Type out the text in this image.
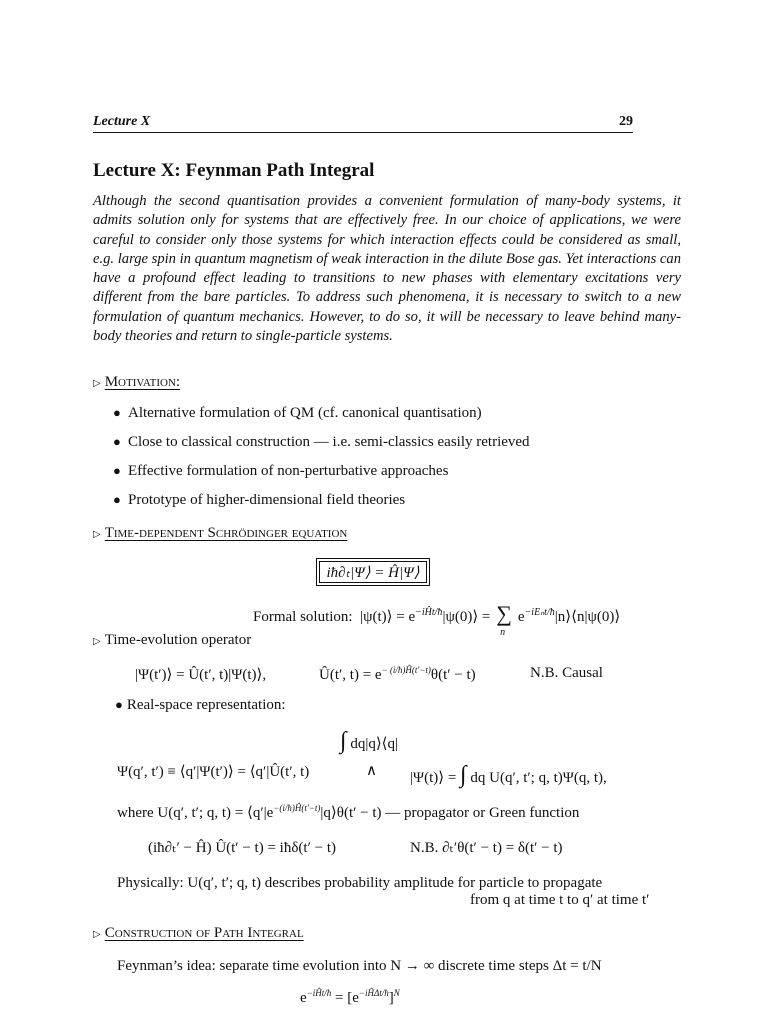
Lecture X	29
Lecture X: Feynman Path Integral
Although the second quantisation provides a convenient formulation of many-body systems, it admits solution only for systems that are effectively free. In our choice of applications, we were careful to consider only those systems for which interaction effects could be considered as small, e.g. large spin in quantum magnetism of weak interaction in the dilute Bose gas. Yet interactions can have a profound effect leading to transitions to new phases with elementary excitations very different from the bare particles. To address such phenomena, it is necessary to switch to a new formulation of quantum mechanics. However, to do so, it will be necessary to leave behind many-body theories and return to single-particle systems.
▷ Motivation:
● Alternative formulation of QM (cf. canonical quantisation)
● Close to classical construction — i.e. semi-classics easily retrieved
● Effective formulation of non-perturbative approaches
● Prototype of higher-dimensional field theories
▷ Time-dependent Schrödinger equation
iħ∂ₜ|Ψ⟩ = Ĥ|Ψ⟩
Formal solution: |ψ(t)⟩ = $e^{-iĤt/ħ}|\psi(0)⟩$ = ∑
n
$e^{-iE_nt/ħ}|n⟩⟨n|\psi(0)⟩$
▷ Time-evolution operator
|Ψ(t′)⟩ = Û(t′, t)|Ψ(t)⟩,	Û(t′, $t) = e^{- (i/ħ)Ĥ(t'-t)}\theta(t' - t)$	N.B. Causal
● Real-space representation:
∫ dq|q⟩⟨q|
∧
Ψ(q′, t′) ≡ ⟨q′|Ψ(t′)⟩ = ⟨q′|Û(t′, t)	|Ψ(t)⟩ = ∫ dq U(q′, t′; q, t)Ψ(q, t),
where U(q′, t′; q, $t) = ⟨q'|e^{-(i/ħ)Ĥ(t'-t)}|q⟩\theta(t' - t)$ — propagator or Green function
(iħ∂ₜ′ − Ĥ) Û(t′ − t) = iħδ(t′ − t)	N.B. ∂ₜ′θ(t′ − t) = δ(t′ − t)
Physically: U(q′, t′; q, t) describes probability amplitude for particle to propagate
from q at time t to q′ at time t′
▷ Construction of Path Integral
Feynman’s idea: separate time evolution into N → ∞ discrete time steps Δt = t/N
$e^{-iĤt/ħ} = [e^{-iĤ\Delta t/ħ}]^N$
